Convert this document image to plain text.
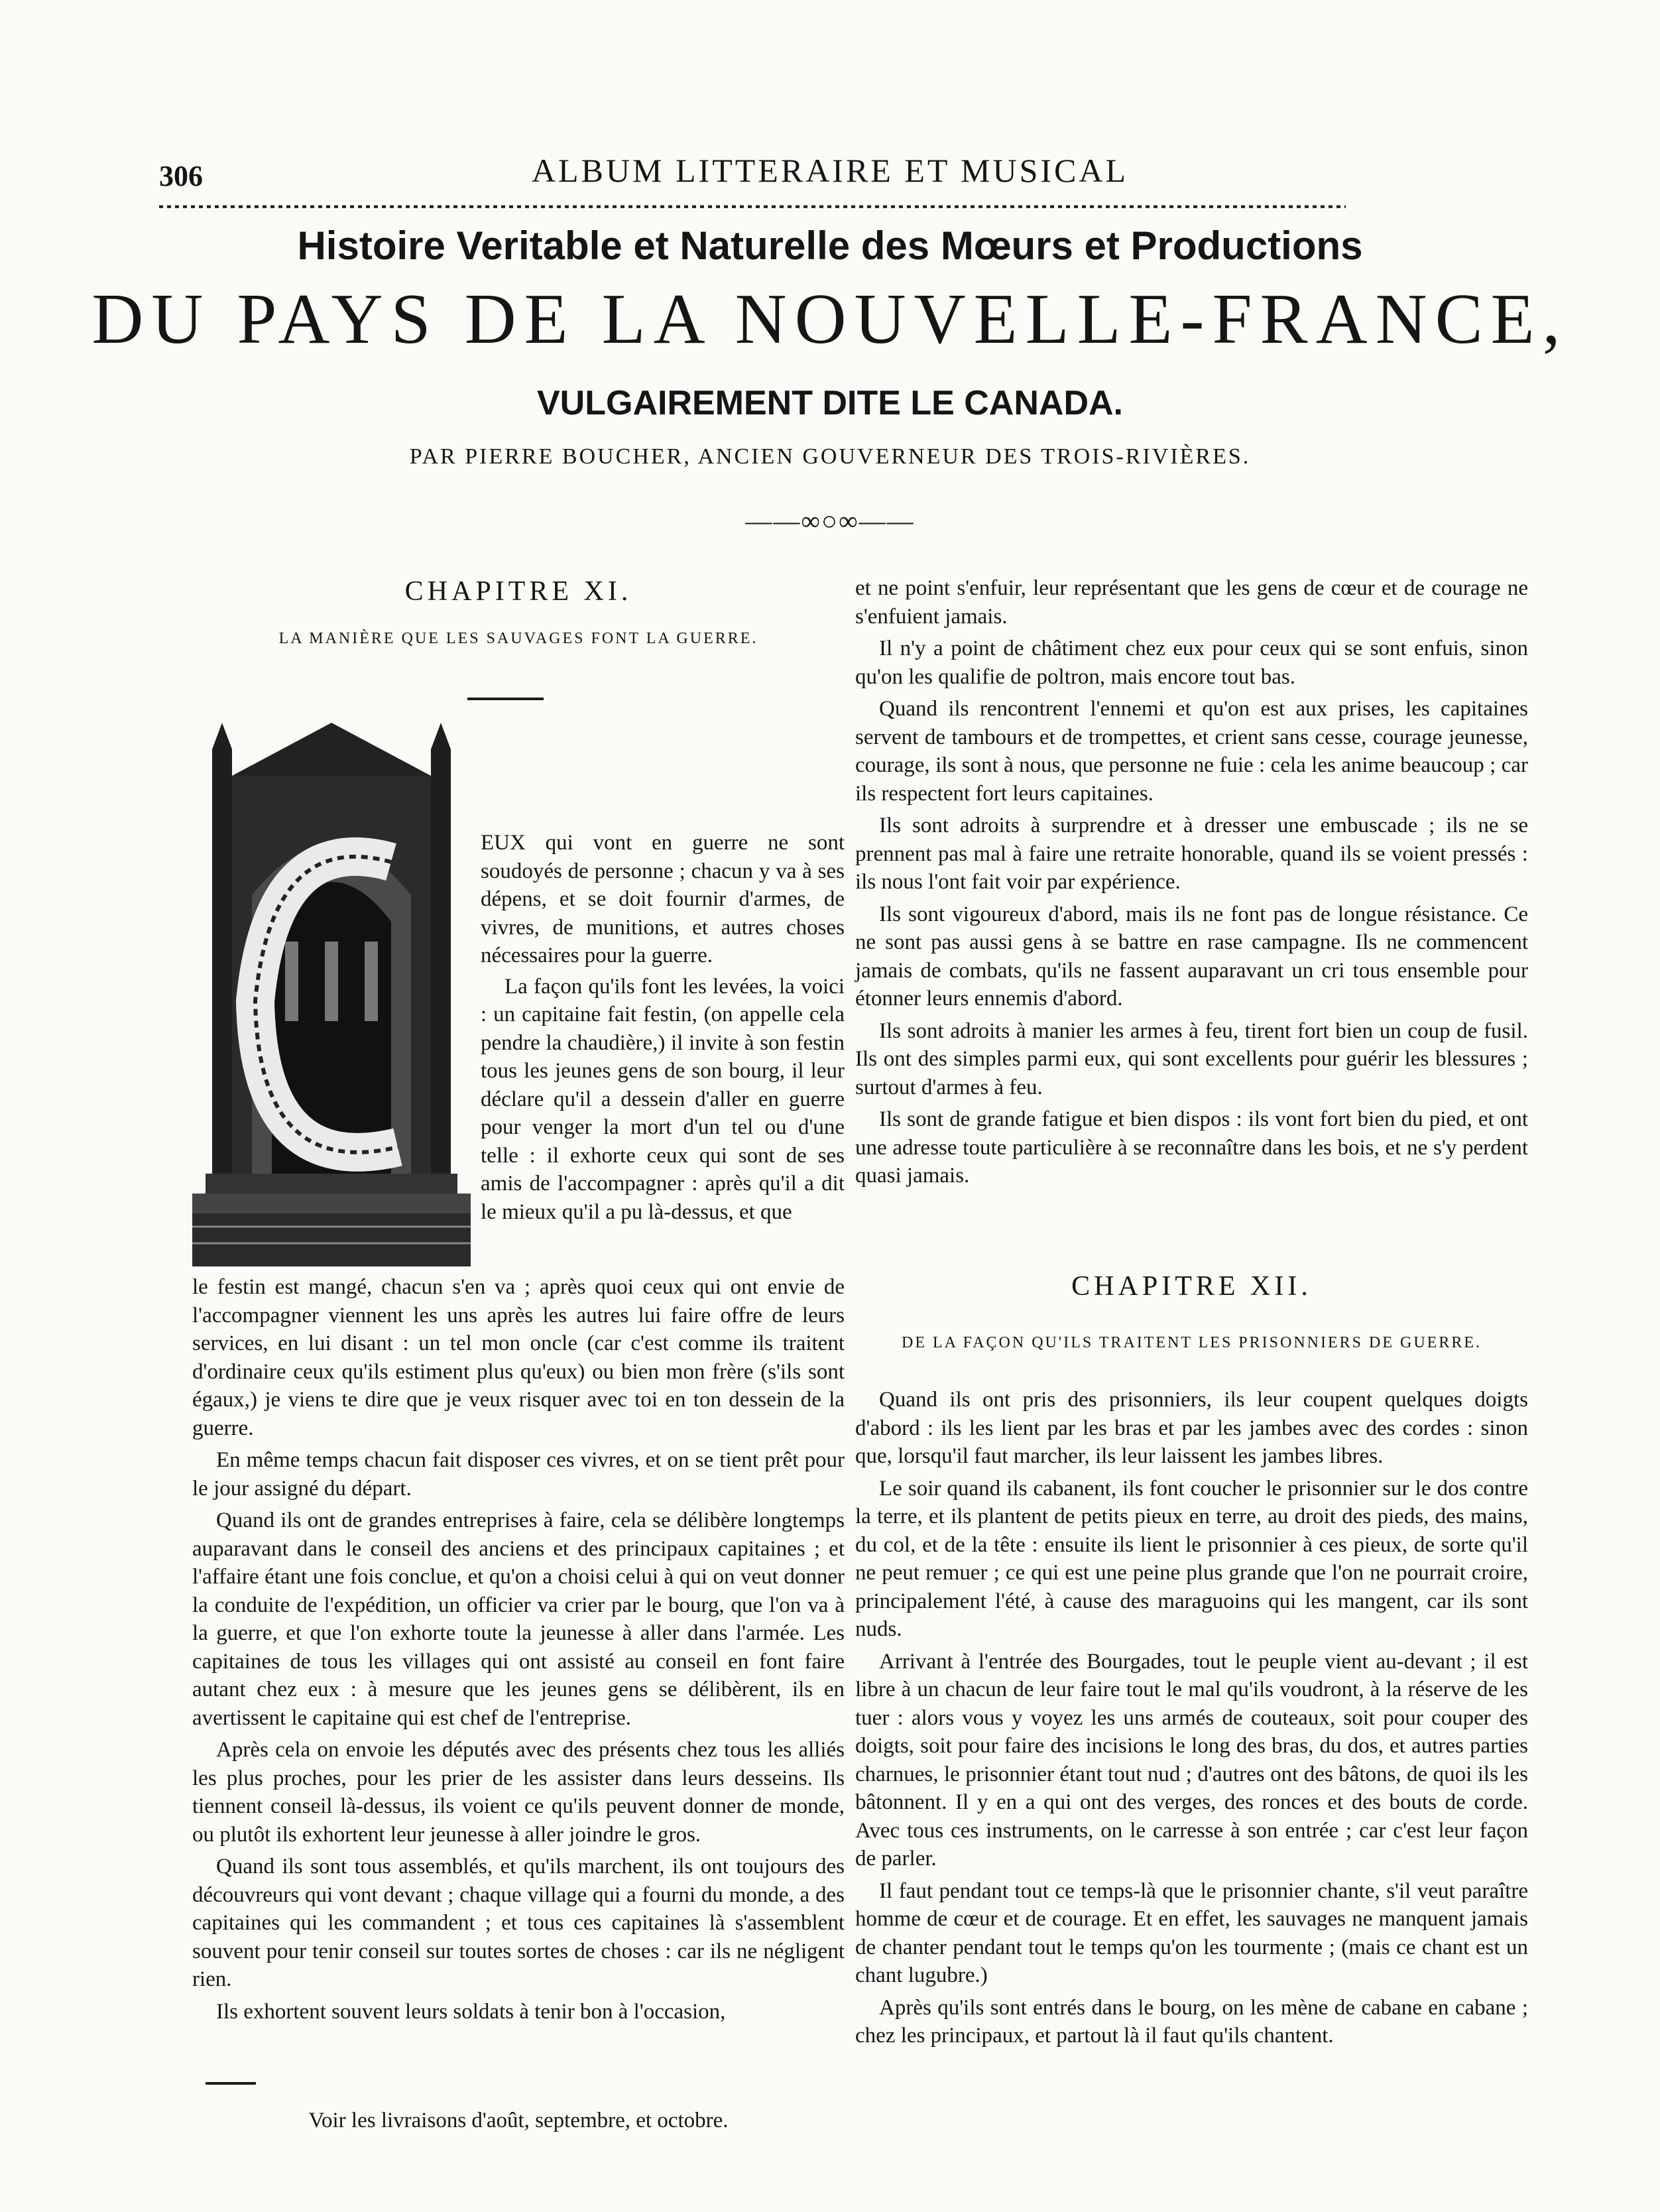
306	ALBUM LITTERAIRE ET MUSICAL
Histoire Veritable et Naturelle des Mœurs et Productions
DU PAYS DE LA NOUVELLE-FRANCE,
VULGAIREMENT DITE LE CANADA.
PAR PIERRE BOUCHER, ANCIEN GOUVERNEUR DES TROIS-RIVIÈRES.
——∞○∞——
CHAPITRE XI.
LA MANIÈRE QUE LES SAUVAGES FONT LA GUERRE.

EUX qui vont en guerre ne sont soudoyés de personne ; chacun y va à ses dépens, et se doit fournir d'armes, de vivres, de munitions, et autres choses nécessaires pour la guerre.

La façon qu'ils font les levées, la voici : un capitaine fait festin, (on appelle cela pendre la chaudière,) il invite à son festin tous les jeunes gens de son bourg, il leur déclare qu'il a dessein d'aller en guerre pour venger la mort d'un tel ou d'une telle : il exhorte ceux qui sont de ses amis de l'accompagner : après qu'il a dit le mieux qu'il a pu là-dessus, et que

le festin est mangé, chacun s'en va ; après quoi ceux qui ont envie de l'accompagner viennent les uns après les autres lui faire offre de leurs services, en lui disant : un tel mon oncle (car c'est comme ils traitent d'ordinaire ceux qu'ils estiment plus qu'eux) ou bien mon frère (s'ils sont égaux,) je viens te dire que je veux risquer avec toi en ton dessein de la guerre.

En même temps chacun fait disposer ces vivres, et on se tient prêt pour le jour assigné du départ.

Quand ils ont de grandes entreprises à faire, cela se délibère longtemps auparavant dans le conseil des anciens et des principaux capitaines ; et l'affaire étant une fois conclue, et qu'on a choisi celui à qui on veut donner la conduite de l'expédition, un officier va crier par le bourg, que l'on va à la guerre, et que l'on exhorte toute la jeunesse à aller dans l'armée. Les capitaines de tous les villages qui ont assisté au conseil en font faire autant chez eux : à mesure que les jeunes gens se délibèrent, ils en avertissent le capitaine qui est chef de l'entreprise.

Après cela on envoie les députés avec des présents chez tous les alliés les plus proches, pour les prier de les assister dans leurs desseins. Ils tiennent conseil là-dessus, ils voient ce qu'ils peuvent donner de monde, ou plutôt ils exhortent leur jeunesse à aller joindre le gros.

Quand ils sont tous assemblés, et qu'ils marchent, ils ont toujours des découvreurs qui vont devant ; chaque village qui a fourni du monde, a des capitaines qui les commandent ; et tous ces capitaines là s'assemblent souvent pour tenir conseil sur toutes sortes de choses : car ils ne négligent rien.

Ils exhortent souvent leurs soldats à tenir bon à l'occasion,

Voir les livraisons d'août, septembre, et octobre.

et ne point s'enfuir, leur représentant que les gens de cœur et de courage ne s'enfuient jamais.

Il n'y a point de châtiment chez eux pour ceux qui se sont enfuis, sinon qu'on les qualifie de poltron, mais encore tout bas.

Quand ils rencontrent l'ennemi et qu'on est aux prises, les capitaines servent de tambours et de trompettes, et crient sans cesse, courage jeunesse, courage, ils sont à nous, que personne ne fuie : cela les anime beaucoup ; car ils respectent fort leurs capitaines.

Ils sont adroits à surprendre et à dresser une embuscade ; ils ne se prennent pas mal à faire une retraite honorable, quand ils se voient pressés : ils nous l'ont fait voir par expérience.

Ils sont vigoureux d'abord, mais ils ne font pas de longue résistance. Ce ne sont pas aussi gens à se battre en rase campagne. Ils ne commencent jamais de combats, qu'ils ne fassent auparavant un cri tous ensemble pour étonner leurs ennemis d'abord.

Ils sont adroits à manier les armes à feu, tirent fort bien un coup de fusil. Ils ont des simples parmi eux, qui sont excellents pour guérir les blessures ; surtout d'armes à feu.

Ils sont de grande fatigue et bien dispos : ils vont fort bien du pied, et ont une adresse toute particulière à se reconnaître dans les bois, et ne s'y perdent quasi jamais.

CHAPITRE XII.
DE LA FAÇON QU'ILS TRAITENT LES PRISONNIERS DE GUERRE.

Quand ils ont pris des prisonniers, ils leur coupent quelques doigts d'abord : ils les lient par les bras et par les jambes avec des cordes : sinon que, lorsqu'il faut marcher, ils leur laissent les jambes libres.

Le soir quand ils cabanent, ils font coucher le prisonnier sur le dos contre la terre, et ils plantent de petits pieux en terre, au droit des pieds, des mains, du col, et de la tête : ensuite ils lient le prisonnier à ces pieux, de sorte qu'il ne peut remuer ; ce qui est une peine plus grande que l'on ne pourrait croire, principalement l'été, à cause des maraguoins qui les mangent, car ils sont nuds.

Arrivant à l'entrée des Bourgades, tout le peuple vient au-devant ; il est libre à un chacun de leur faire tout le mal qu'ils voudront, à la réserve de les tuer : alors vous y voyez les uns armés de couteaux, soit pour couper des doigts, soit pour faire des incisions le long des bras, du dos, et autres parties charnues, le prisonnier étant tout nud ; d'autres ont des bâtons, de quoi ils les bâtonnent. Il y en a qui ont des verges, des ronces et des bouts de corde. Avec tous ces instruments, on le carresse à son entrée ; car c'est leur façon de parler.

Il faut pendant tout ce temps-là que le prisonnier chante, s'il veut paraître homme de cœur et de courage. Et en effet, les sauvages ne manquent jamais de chanter pendant tout le temps qu'on les tourmente ; (mais ce chant est un chant lugubre.)

Après qu'ils sont entrés dans le bourg, on les mène de cabane en cabane ; chez les principaux, et partout là il faut qu'ils chantent.
